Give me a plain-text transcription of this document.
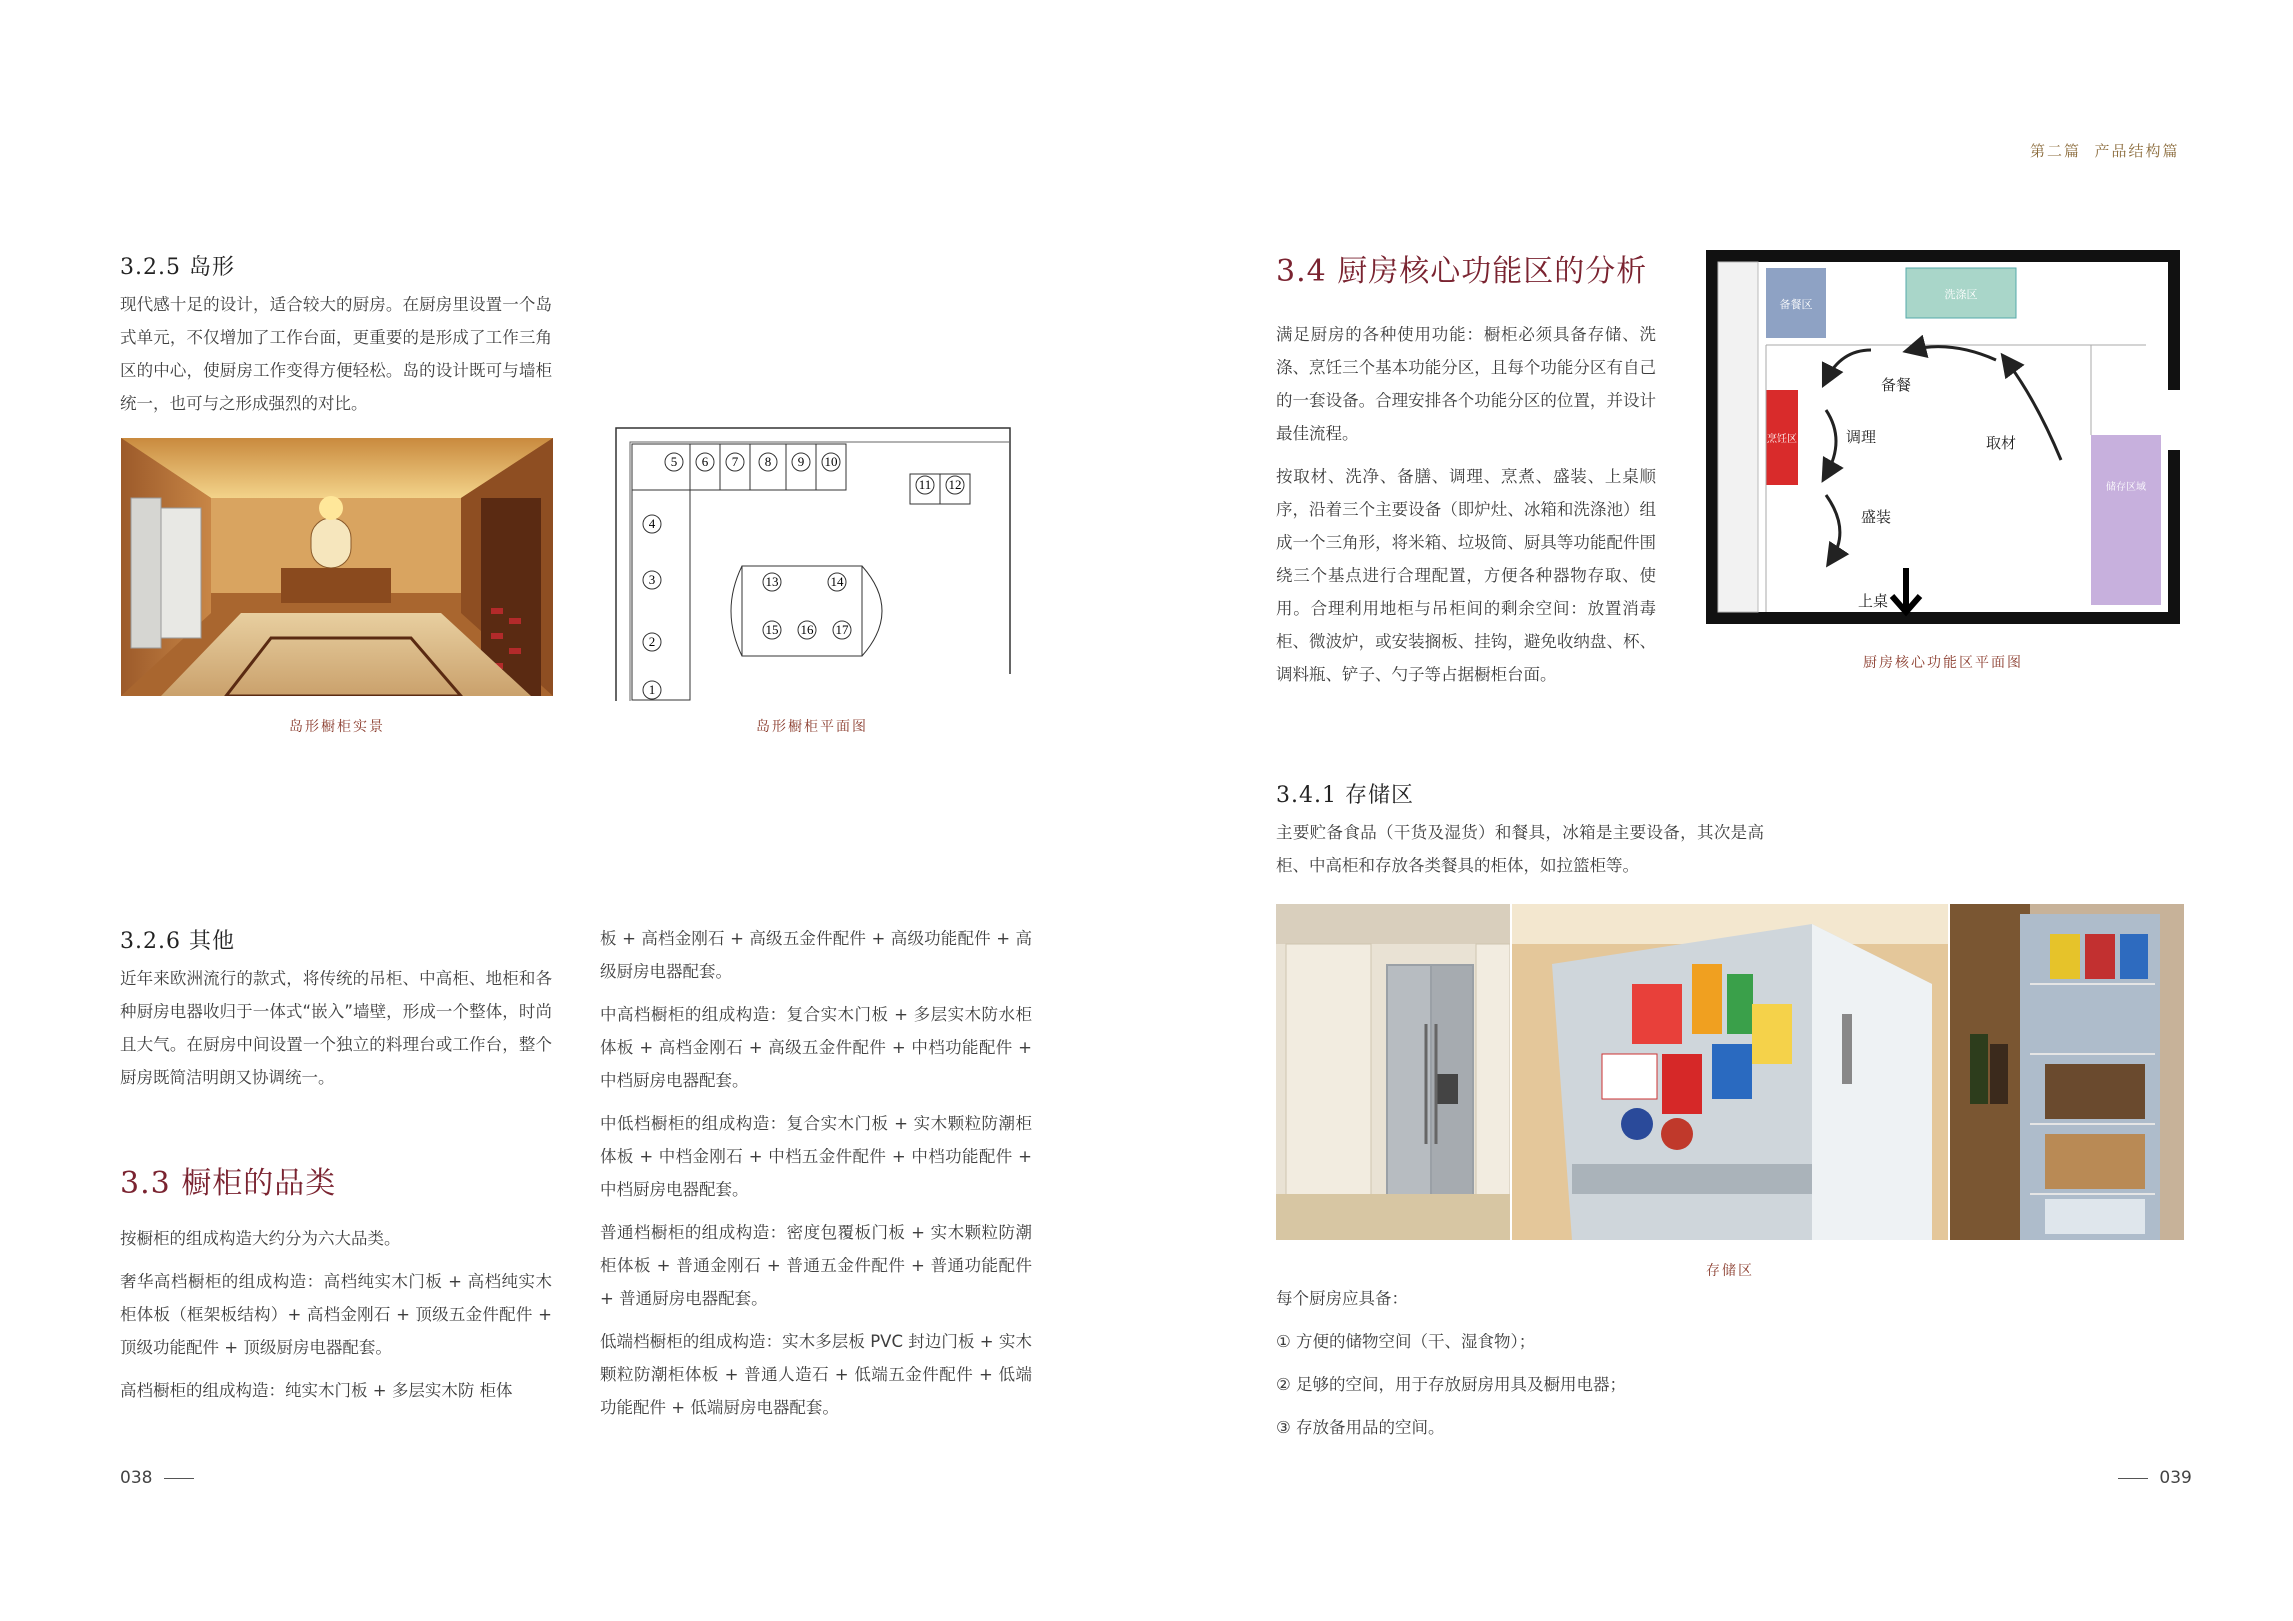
3.2.5 岛形

现代感十足的设计，适合较大的厨房。在厨房里设置一个岛式单元，不仅增加了工作台面，更重要的是形成了工作三角区的中心，使厨房工作变得方便轻松。岛的设计既可与墙柜统一，也可与之形成强烈的对比。

岛形橱柜实景
1
2
3
4
5 6 7 8 9 10
11 12
13	14
15 16 17
岛形橱柜平面图
3.2.6 其他

近年来欧洲流行的款式，将传统的吊柜、中高柜、地柜和各种厨房电器收归于一体式“嵌入”墙壁，形成一个整体，时尚且大气。在厨房中间设置一个独立的料理台或工作台，整个厨房既简洁明朗又协调统一。

3.3 橱柜的品类

按橱柜的组成构造大约分为六大品类。

奢华高档橱柜的组成构造：高档纯实木门板 + 高档纯实木柜体板（框架板结构）+ 高档金刚石 + 顶级五金件配件 + 顶级功能配件 + 顶级厨房电器配套。

高档橱柜的组成构造：纯实木门板 + 多层实木防 柜体

板 + 高档金刚石 + 高级五金件配件 + 高级功能配件 + 高级厨房电器配套。

中高档橱柜的组成构造：复合实木门板 + 多层实木防水柜体板 + 高档金刚石 + 高级五金件配件 + 中档功能配件 + 中档厨房电器配套。

中低档橱柜的组成构造：复合实木门板 + 实木颗粒防潮柜体板 + 中档金刚石 + 中档五金件配件 + 中档功能配件 + 中档厨房电器配套。

普通档橱柜的组成构造：密度包覆板门板 + 实木颗粒防潮柜体板 + 普通金刚石 + 普通五金件配件 + 普通功能配件 + 普通厨房电器配套。

低端档橱柜的组成构造：实木多层板 PVC 封边门板 + 实木颗粒防潮柜体板 + 普通人造石 + 低端五金件配件 + 低端功能配件 + 低端厨房电器配套。

038
第二篇  产品结构篇
3.4 厨房核心功能区的分析

满足厨房的各种使用功能：橱柜必须具备存储、洗涤、烹饪三个基本功能分区，且每个功能分区有自己的一套设备。合理安排各个功能分区的位置，并设计最佳流程。

按取材、洗净、备膳、调理、烹煮、盛装、上桌顺序，沿着三个主要设备（即炉灶、冰箱和洗涤池）组成一个三角形，将米箱、垃圾筒、厨具等功能配件围绕三个基点进行合理配置，方便各种器物存取、使用。合理利用地柜与吊柜间的剩余空间：放置消毒柜、微波炉，或安装搁板、挂钩，避免收纳盘、杯、调料瓶、铲子、勺子等占据橱柜台面。

备餐区
烹饪区
洗涤区
储存区域
备餐
调理	取材
盛装
上桌
厨房核心功能区平面图
3.4.1 存储区

主要贮备食品（干货及湿货）和餐具，冰箱是主要设备，其次是高柜、中高柜和存放各类餐具的柜体，如拉篮柜等。

存储区

每个厨房应具备：

① 方便的储物空间（干、湿食物）；

② 足够的空间，用于存放厨房用具及橱用电器；

③ 存放备用品的空间。

039
